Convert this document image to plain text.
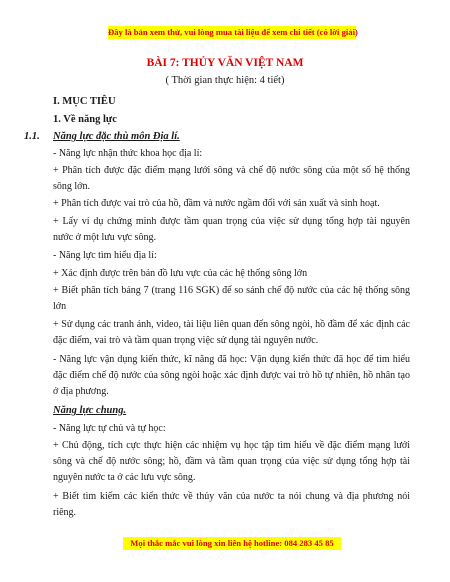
Đây là bản xem thử, vui lòng mua tài liệu để xem chi tiết (có lời giải)
BÀI 7: THỦY VĂN VIỆT NAM
( Thời gian thực hiện: 4 tiết)
I. MỤC TIÊU
1. Về năng lực
1.1. Năng lực đặc thù môn Địa lí.

- Năng lực nhận thức khoa học địa lí:

+ Phân tích được đặc điểm mạng lưới sông và chế độ nước sông của một số hệ thống sông lớn.

+ Phân tích được vai trò của hồ, đầm và nước ngầm đối với sản xuất và sinh hoạt.

+ Lấy ví dụ chứng minh được tầm quan trọng của việc sử dụng tổng hợp tài nguyên nước ở một lưu vực sông.

- Năng lực tìm hiểu địa lí:

+ Xác định được trên bản đồ lưu vực của các hệ thống sông lớn

+ Biết phân tích bảng 7 (trang 116 SGK) để so sánh chế độ nước của các hệ thống sông lớn

+ Sử dụng các tranh ảnh, video, tài liệu liên quan đến sông ngòi, hồ đầm để xác định các đặc điểm, vai trò và tầm quan trọng việc sử dụng tài nguyên nước.

- Năng lực vận dụng kiến thức, kĩ năng đã học: Vận dụng kiến thức đã học để tìm hiểu đặc điểm chế độ nước của sông ngòi hoặc xác định được vai trò hồ tự nhiên, hồ nhân tạo ở địa phương.

Năng lực chung.

- Năng lực tự chủ và tự học:

+ Chủ động, tích cực thực hiện các nhiệm vụ học tập tìm hiểu về đặc điểm mạng lưới sông và chế độ nước sông; hồ, đầm và tầm quan trọng của việc sử dụng tổng hợp tài nguyên nước ta ở các lưu vực sông.

+ Biết tìm kiếm các kiến thức về thủy văn của nước ta nói chung và địa phương nói riêng.

Mọi thắc mắc vui lòng xin liên hệ hotline: 084 283 45 85
